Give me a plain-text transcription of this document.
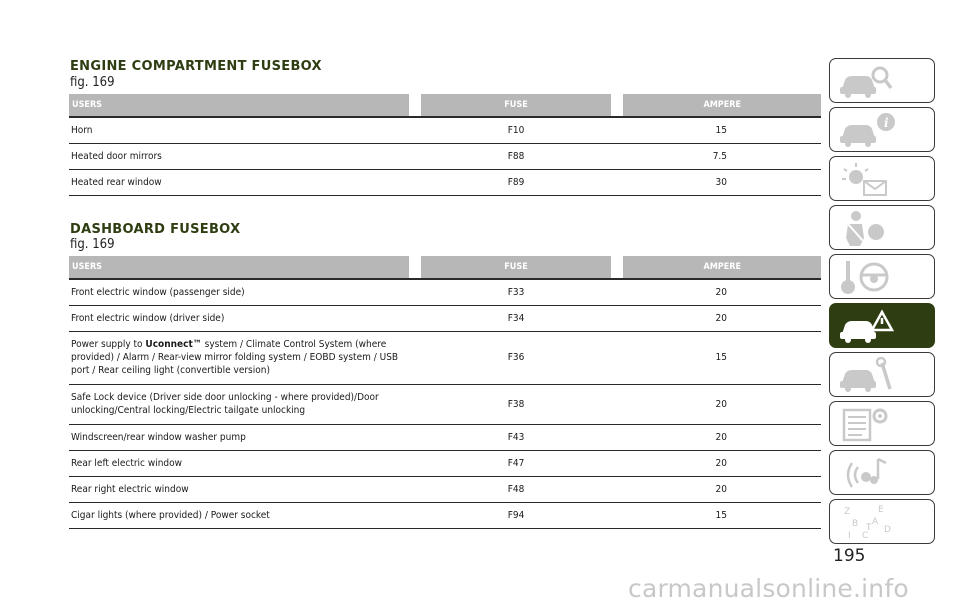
ENGINE COMPARTMENT FUSEBOX
fig. 169
USERS		FUSE		AMPERE
Horn		F10		15
Heated door mirrors		F88		7.5
Heated rear window		F89		30
DASHBOARD FUSEBOX
fig. 169
USERS		FUSE		AMPERE
Front electric window (passenger side)		F33		20
Front electric window (driver side)		F34		20
Power supply to Uconnect™ system / Climate Control System (where provided) / Alarm / Rear-view mirror folding system / EOBD system / USB port / Rear ceiling light (convertible version)		F36		15
Safe Lock device (Driver side door unlocking - where provided)/Door unlocking/Central locking/Electric tailgate unlocking		F38		20
Windscreen/rear window washer pump		F43		20
Rear left electric window		F47		20
Rear right electric window		F48		20
Cigar lights (where provided) / Power socket		F94		15
i
Z	E
B A
C
D
I
T
195
carmanualsonline.info
